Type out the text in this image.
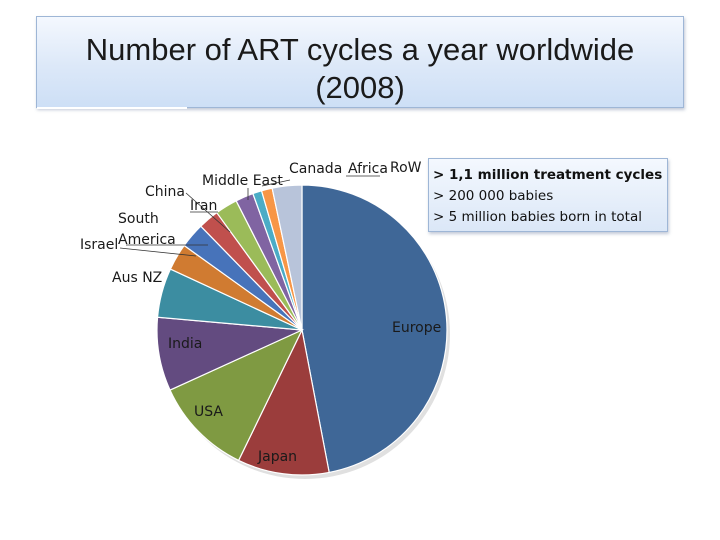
Number of ART cycles a year worldwide (2008)
> 1,1 million treatment cycles
> 200 000 babies
> 5 million babies born in total
Europe
Japan
USA
India
Aus NZ
Israel
South
America
China
Iran
Middle East
Canada Africa RoW
